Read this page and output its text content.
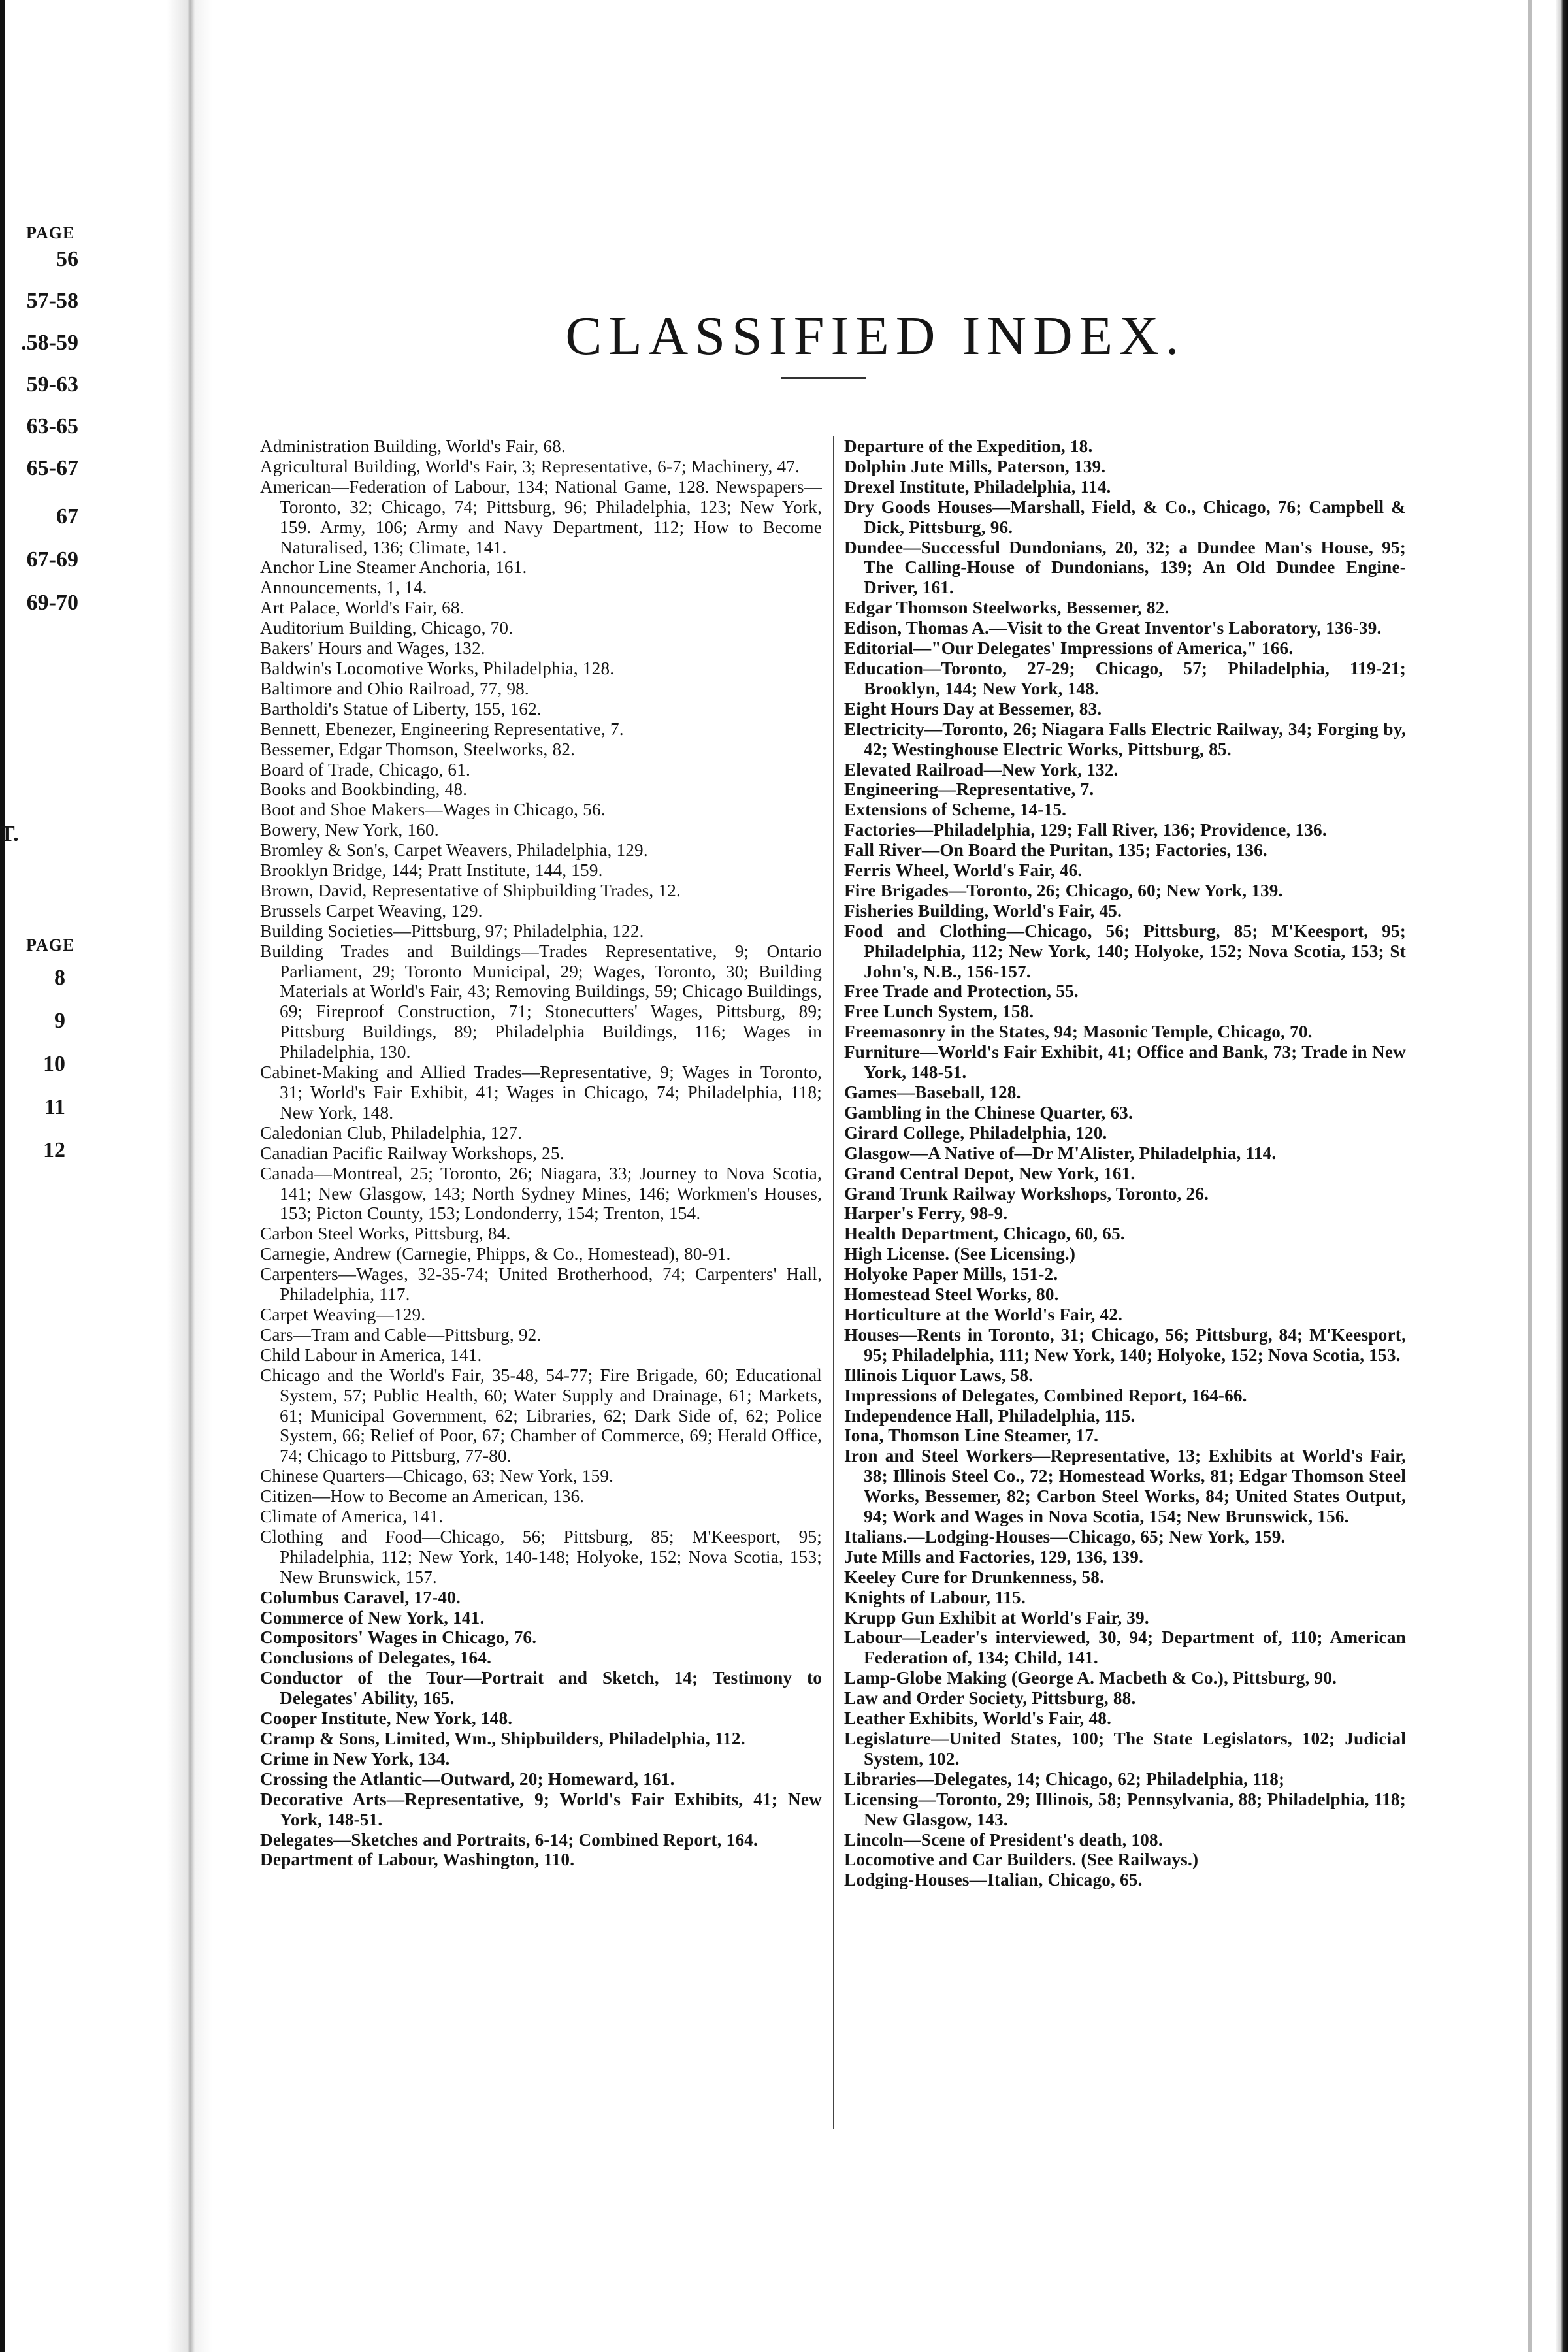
PAGE
56
57-58
.58-59
59-63
63-65
65-67
67
67-69
69-70
T.
PAGE
8
9
10
11
12
CLASSIFIED INDEX.

Administration Building, World's Fair, 68.

Agricultural Building, World's Fair, 3; Representative, 6-7; Machinery, 47.

American—Federation of Labour, 134; National Game, 128. Newspapers—Toronto, 32; Chicago, 74; Pittsburg, 96; Philadelphia, 123; New York, 159. Army, 106; Army and Navy Department, 112; How to Become Naturalised, 136; Climate, 141.

Anchor Line Steamer Anchoria, 161.

Announcements, 1, 14.

Art Palace, World's Fair, 68.

Auditorium Building, Chicago, 70.

Bakers' Hours and Wages, 132.

Baldwin's Locomotive Works, Philadelphia, 128.

Baltimore and Ohio Railroad, 77, 98.

Bartholdi's Statue of Liberty, 155, 162.

Bennett, Ebenezer, Engineering Representative, 7.

Bessemer, Edgar Thomson, Steelworks, 82.

Board of Trade, Chicago, 61.

Books and Bookbinding, 48.

Boot and Shoe Makers—Wages in Chicago, 56.

Bowery, New York, 160.

Bromley & Son's, Carpet Weavers, Philadelphia, 129.

Brooklyn Bridge, 144; Pratt Institute, 144, 159.

Brown, David, Representative of Shipbuilding Trades, 12.

Brussels Carpet Weaving, 129.

Building Societies—Pittsburg, 97; Philadelphia, 122.

Building Trades and Buildings—Trades Representative, 9; Ontario Parliament, 29; Toronto Municipal, 29; Wages, Toronto, 30; Building Materials at World's Fair, 43; Removing Buildings, 59; Chicago Buildings, 69; Fireproof Construction, 71; Stonecutters' Wages, Pittsburg, 89; Pittsburg Buildings, 89; Philadelphia Buildings, 116; Wages in Philadelphia, 130.

Cabinet-Making and Allied Trades—Representative, 9; Wages in Toronto, 31; World's Fair Exhibit, 41; Wages in Chicago, 74; Philadelphia, 118; New York, 148.

Caledonian Club, Philadelphia, 127.

Canadian Pacific Railway Workshops, 25.

Canada—Montreal, 25; Toronto, 26; Niagara, 33; Journey to Nova Scotia, 141; New Glasgow, 143; North Sydney Mines, 146; Workmen's Houses, 153; Picton County, 153; Londonderry, 154; Trenton, 154.

Carbon Steel Works, Pittsburg, 84.

Carnegie, Andrew (Carnegie, Phipps, & Co., Homestead), 80-91.

Carpenters—Wages, 32-35-74; United Brotherhood, 74; Carpenters' Hall, Philadelphia, 117.

Carpet Weaving—129.

Cars—Tram and Cable—Pittsburg, 92.

Child Labour in America, 141.

Chicago and the World's Fair, 35-48, 54-77; Fire Brigade, 60; Educational System, 57; Public Health, 60; Water Supply and Drainage, 61; Markets, 61; Municipal Government, 62; Libraries, 62; Dark Side of, 62; Police System, 66; Relief of Poor, 67; Chamber of Commerce, 69; Herald Office, 74; Chicago to Pittsburg, 77-80.

Chinese Quarters—Chicago, 63; New York, 159.

Citizen—How to Become an American, 136.

Climate of America, 141.

Clothing and Food—Chicago, 56; Pittsburg, 85; M'Keesport, 95; Philadelphia, 112; New York, 140-148; Holyoke, 152; Nova Scotia, 153; New Brunswick, 157.

Columbus Caravel, 17-40.

Commerce of New York, 141.

Compositors' Wages in Chicago, 76.

Conclusions of Delegates, 164.

Conductor of the Tour—Portrait and Sketch, 14; Testimony to Delegates' Ability, 165.

Cooper Institute, New York, 148.

Cramp & Sons, Limited, Wm., Shipbuilders, Philadelphia, 112.

Crime in New York, 134.

Crossing the Atlantic—Outward, 20; Homeward, 161.

Decorative Arts—Representative, 9; World's Fair Exhibits, 41; New York, 148-51.

Delegates—Sketches and Portraits, 6-14; Combined Report, 164.

Department of Labour, Washington, 110.

Departure of the Expedition, 18.

Dolphin Jute Mills, Paterson, 139.

Drexel Institute, Philadelphia, 114.

Dry Goods Houses—Marshall, Field, & Co., Chicago, 76; Campbell & Dick, Pittsburg, 96.

Dundee—Successful Dundonians, 20, 32; a Dundee Man's House, 95; The Calling-House of Dundonians, 139; An Old Dundee Engine-Driver, 161.

Edgar Thomson Steelworks, Bessemer, 82.

Edison, Thomas A.—Visit to the Great Inventor's Laboratory, 136-39.

Editorial—"Our Delegates' Impressions of America," 166.

Education—Toronto, 27-29; Chicago, 57; Philadelphia, 119-21; Brooklyn, 144; New York, 148.

Eight Hours Day at Bessemer, 83.

Electricity—Toronto, 26; Niagara Falls Electric Railway, 34; Forging by, 42; Westinghouse Electric Works, Pittsburg, 85.

Elevated Railroad—New York, 132.

Engineering—Representative, 7.

Extensions of Scheme, 14-15.

Factories—Philadelphia, 129; Fall River, 136; Providence, 136.

Fall River—On Board the Puritan, 135; Factories, 136.

Ferris Wheel, World's Fair, 46.

Fire Brigades—Toronto, 26; Chicago, 60; New York, 139.

Fisheries Building, World's Fair, 45.

Food and Clothing—Chicago, 56; Pittsburg, 85; M'Keesport, 95; Philadelphia, 112; New York, 140; Holyoke, 152; Nova Scotia, 153; St John's, N.B., 156-157.

Free Trade and Protection, 55.

Free Lunch System, 158.

Freemasonry in the States, 94; Masonic Temple, Chicago, 70.

Furniture—World's Fair Exhibit, 41; Office and Bank, 73; Trade in New York, 148-51.

Games—Baseball, 128.

Gambling in the Chinese Quarter, 63.

Girard College, Philadelphia, 120.

Glasgow—A Native of—Dr M'Alister, Philadelphia, 114.

Grand Central Depot, New York, 161.

Grand Trunk Railway Workshops, Toronto, 26.

Harper's Ferry, 98-9.

Health Department, Chicago, 60, 65.

High License. (See Licensing.)

Holyoke Paper Mills, 151-2.

Homestead Steel Works, 80.

Horticulture at the World's Fair, 42.

Houses—Rents in Toronto, 31; Chicago, 56; Pittsburg, 84; M'Keesport, 95; Philadelphia, 111; New York, 140; Holyoke, 152; Nova Scotia, 153.

Illinois Liquor Laws, 58.

Impressions of Delegates, Combined Report, 164-66.

Independence Hall, Philadelphia, 115.

Iona, Thomson Line Steamer, 17.

Iron and Steel Workers—Representative, 13; Exhibits at World's Fair, 38; Illinois Steel Co., 72; Homestead Works, 81; Edgar Thomson Steel Works, Bessemer, 82; Carbon Steel Works, 84; United States Output, 94; Work and Wages in Nova Scotia, 154; New Brunswick, 156.

Italians.—Lodging-Houses—Chicago, 65; New York, 159.

Jute Mills and Factories, 129, 136, 139.

Keeley Cure for Drunkenness, 58.

Knights of Labour, 115.

Krupp Gun Exhibit at World's Fair, 39.

Labour—Leader's interviewed, 30, 94; Department of, 110; American Federation of, 134; Child, 141.

Lamp-Globe Making (George A. Macbeth & Co.), Pittsburg, 90.

Law and Order Society, Pittsburg, 88.

Leather Exhibits, World's Fair, 48.

Legislature—United States, 100; The State Legislators, 102; Judicial System, 102.

Libraries—Delegates, 14; Chicago, 62; Philadelphia, 118;

Licensing—Toronto, 29; Illinois, 58; Pennsylvania, 88; Philadelphia, 118; New Glasgow, 143.

Lincoln—Scene of President's death, 108.

Locomotive and Car Builders. (See Railways.)

Lodging-Houses—Italian, Chicago, 65.
